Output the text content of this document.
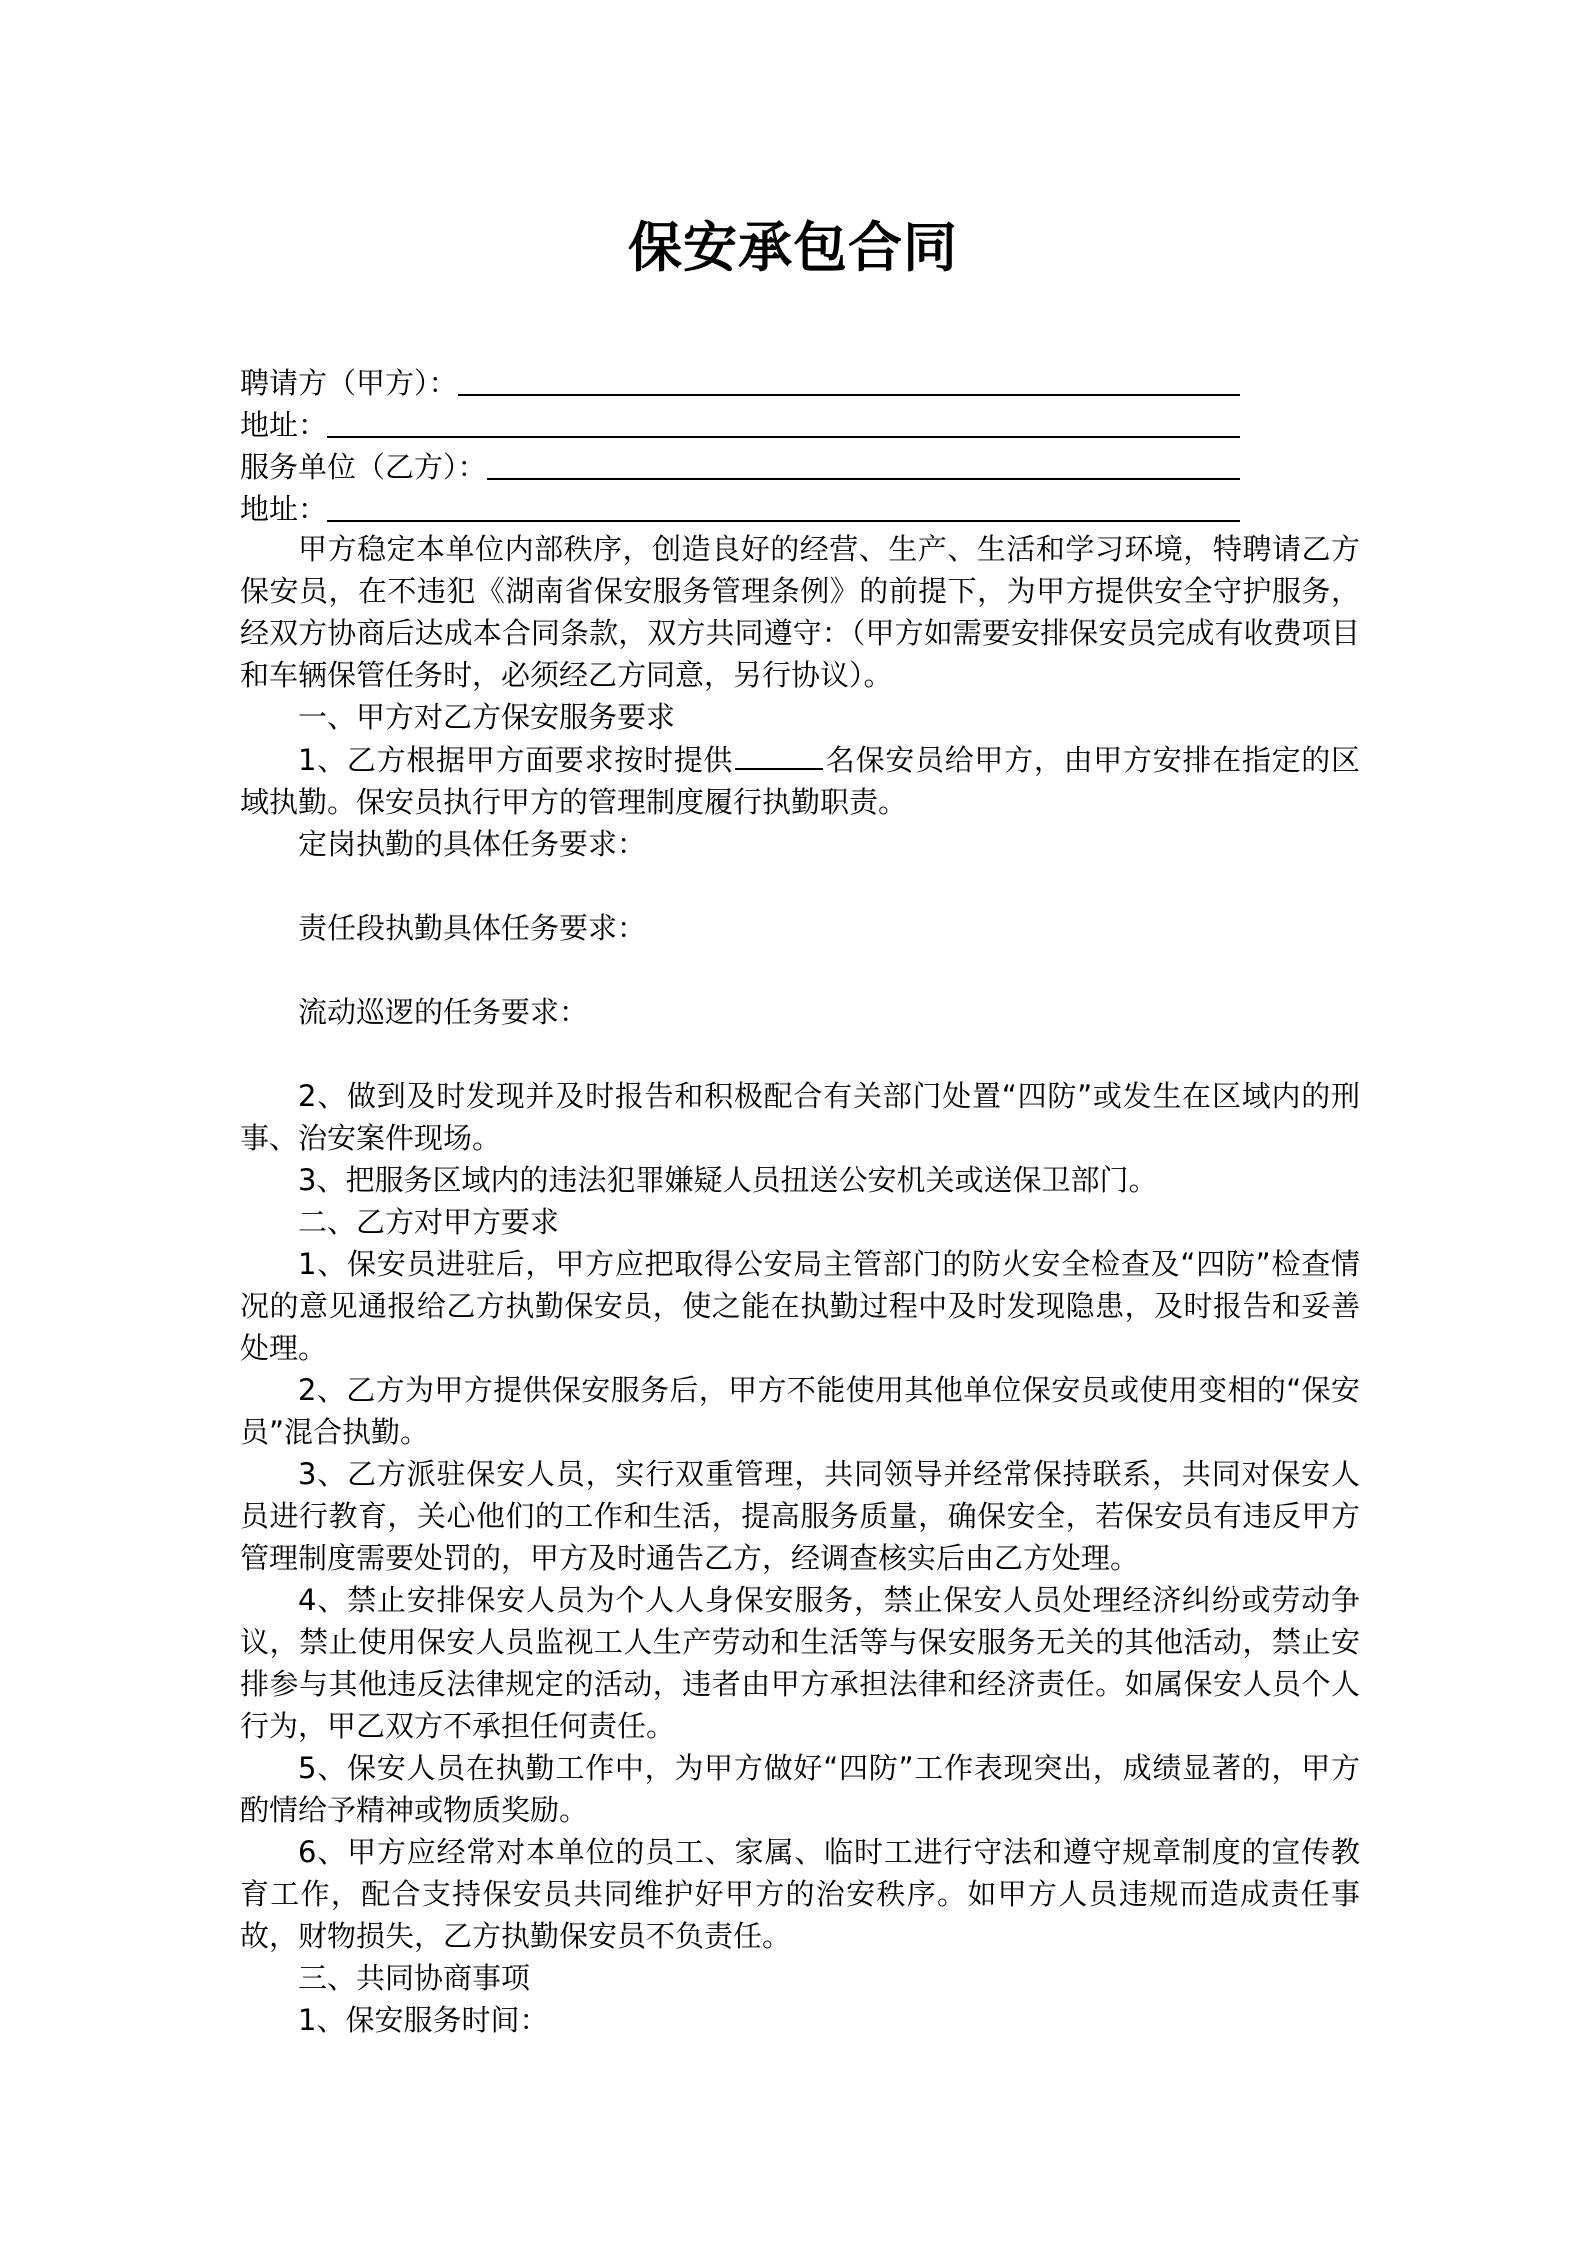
保安承包合同
聘请方（甲方）：
地址：
服务单位（乙方）：
地址：

甲方稳定本单位内部秩序，创造良好的经营、生产、生活和学习环境，特聘请乙方保安员，在不违犯《湖南省保安服务管理条例》的前提下，为甲方提供安全守护服务，经双方协商后达成本合同条款，双方共同遵守：（甲方如需要安排保安员完成有收费项目和车辆保管任务时，必须经乙方同意，另行协议）。

一、甲方对乙方保安服务要求

1、乙方根据甲方面要求按时提供	名保安员给甲方，由甲方安排在指定的区域执勤。保安员执行甲方的管理制度履行执勤职责。

定岗执勤的具体任务要求：

责任段执勤具体任务要求：

流动巡逻的任务要求：

2、做到及时发现并及时报告和积极配合有关部门处置“四防”或发生在区域内的刑事、治安案件现场。

3、把服务区域内的违法犯罪嫌疑人员扭送公安机关或送保卫部门。

二、乙方对甲方要求

1、保安员进驻后，甲方应把取得公安局主管部门的防火安全检查及“四防”检查情况的意见通报给乙方执勤保安员，使之能在执勤过程中及时发现隐患，及时报告和妥善处理。

2、乙方为甲方提供保安服务后，甲方不能使用其他单位保安员或使用变相的“保安员”混合执勤。

3、乙方派驻保安人员，实行双重管理，共同领导并经常保持联系，共同对保安人员进行教育，关心他们的工作和生活，提高服务质量，确保安全，若保安员有违反甲方管理制度需要处罚的，甲方及时通告乙方，经调查核实后由乙方处理。

4、禁止安排保安人员为个人人身保安服务，禁止保安人员处理经济纠纷或劳动争议，禁止使用保安人员监视工人生产劳动和生活等与保安服务无关的其他活动，禁止安排参与其他违反法律规定的活动，违者由甲方承担法律和经济责任。如属保安人员个人行为，甲乙双方不承担任何责任。

5、保安人员在执勤工作中，为甲方做好“四防”工作表现突出，成绩显著的，甲方酌情给予精神或物质奖励。

6、甲方应经常对本单位的员工、家属、临时工进行守法和遵守规章制度的宣传教育工作，配合支持保安员共同维护好甲方的治安秩序。如甲方人员违规而造成责任事故，财物损失，乙方执勤保安员不负责任。

三、共同协商事项

1、保安服务时间：
